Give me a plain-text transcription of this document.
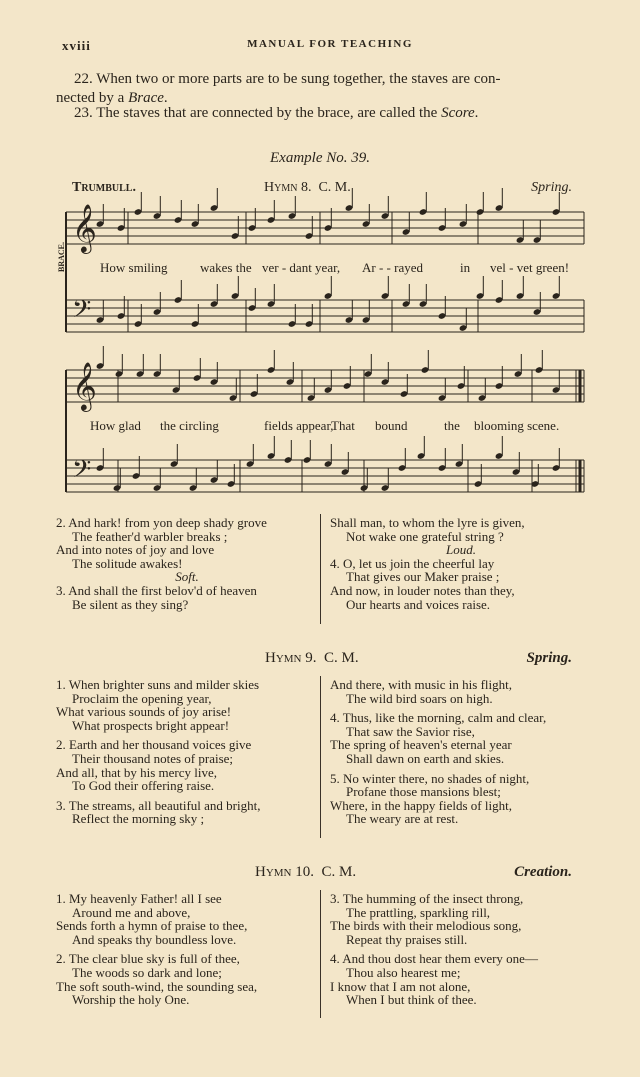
xviii	MANUAL FOR TEACHING
22. When two or more parts are to be sung together, the staves are con-
nected by a Brace.
23. The staves that are connected by the brace, are called the Score.
Example No. 39.
Trumbull.	Hymn 8. C. M.	Spring.
𝄞
𝄢
𝄞
𝄢
How smiling wakes the ver - dant year, Ar - - rayed	in vel - vet green!
How glad the circling	fields appear,
That bound	the blooming scene.
BRACE.
2. And hark! from yon deep shady grove
The feather'd warbler breaks ;
And into notes of joy and love
The solitude awakes!
Soft.
3. And shall the first belov'd of heaven
Be silent as they sing?
Shall man, to whom the lyre is given,
Not wake one grateful string ?
Loud.
4. O, let us join the cheerful lay
That gives our Maker praise ;
And now, in louder notes than they,
Our hearts and voices raise.
Hymn 9. C. M.	Spring.
1. When brighter suns and milder skies
Proclaim the opening year,
What various sounds of joy arise!
What prospects bright appear!

2. Earth and her thousand voices give
Their thousand notes of praise;
And all, that by his mercy live,
To God their offering raise.

3. The streams, all beautiful and bright,
Reflect the morning sky ;
And there, with music in his flight,
The wild bird soars on high.

4. Thus, like the morning, calm and clear,
That saw the Savior rise,
The spring of heaven's eternal year
Shall dawn on earth and skies.

5. No winter there, no shades of night,
Profane those mansions blest;
Where, in the happy fields of light,
The weary are at rest.
Hymn 10. C. M.	Creation.
1. My heavenly Father! all I see
Around me and above,
Sends forth a hymn of praise to thee,
And speaks thy boundless love.

2. The clear blue sky is full of thee,
The woods so dark and lone;
The soft south-wind, the sounding sea,
Worship the holy One.
3. The humming of the insect throng,
The prattling, sparkling rill,
The birds with their melodious song,
Repeat thy praises still.

4. And thou dost hear them every one—
Thou also hearest me;
I know that I am not alone,
When I but think of thee.
